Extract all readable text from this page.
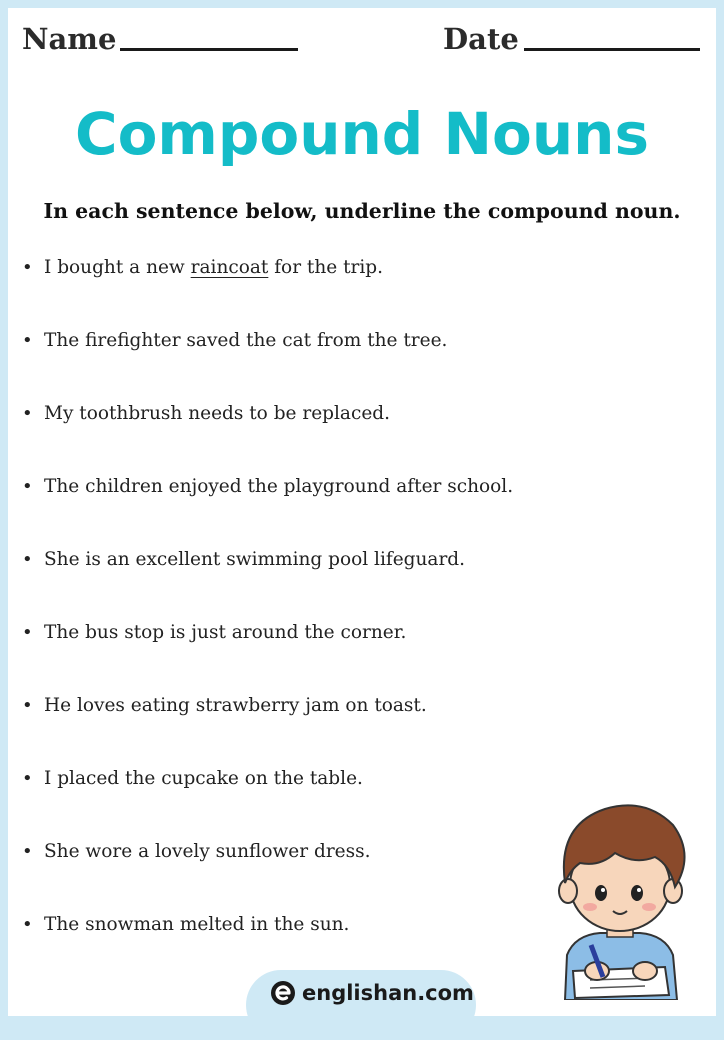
Name	Date
Compound Nouns
In each sentence below, underline the compound noun.
• I bought a new raincoat for the trip.
• The firefighter saved the cat from the tree.
• My toothbrush needs to be replaced.
• The children enjoyed the playground after school.
• She is an excellent swimming pool lifeguard.
• The bus stop is just around the corner.
• He loves eating strawberry jam on toast.
• I placed the cupcake on the table.
• She wore a lovely sunflower dress.
• The snowman melted in the sun.
englishan.com
